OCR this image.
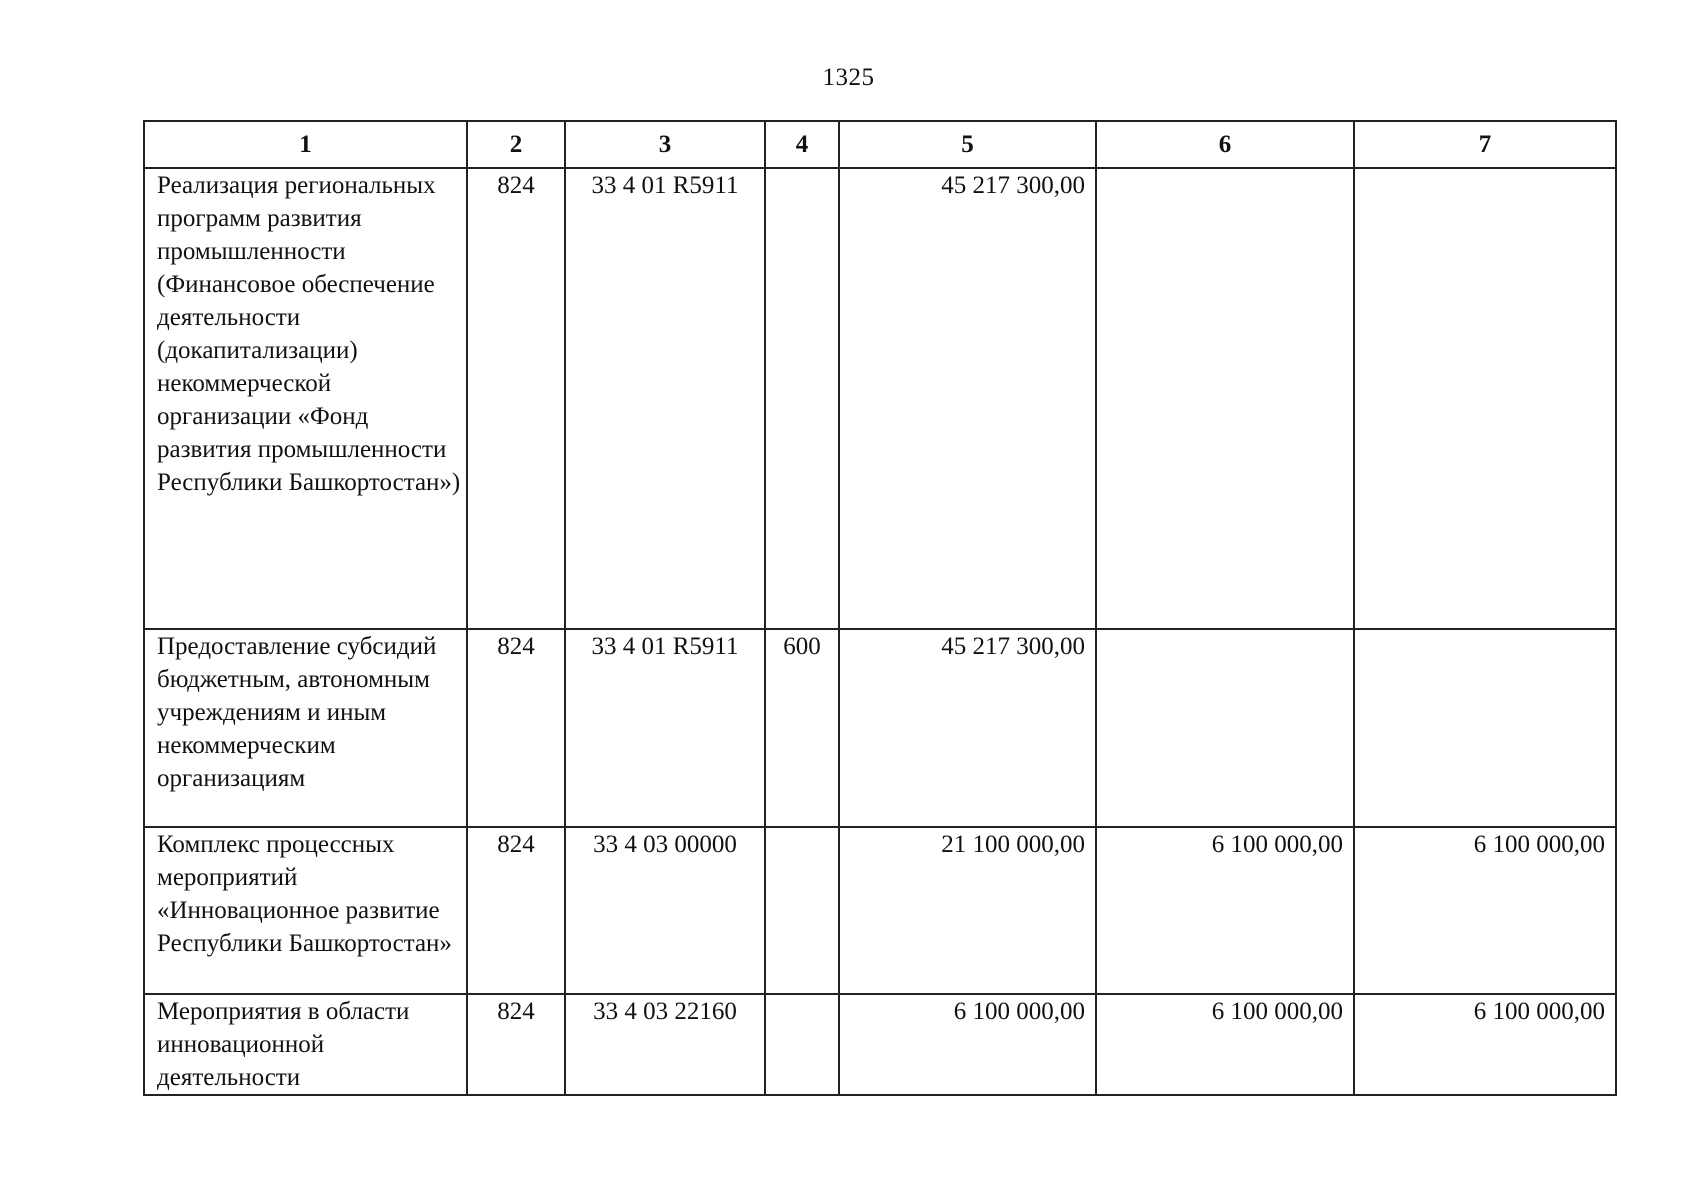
1325
1	2	3	4	5	6	7
Реализация региональных программ развития промышленности (Финансовое обеспечение деятельности (докапитализации) некоммерческой организации «Фонд развития промышленности Республики Башкортостан»)	824	33 4 01 R5911		45 217 300,00		
Предоставление субсидий бюджетным, автономным учреждениям и иным некоммерческим организациям	824	33 4 01 R5911	600	45 217 300,00		
Комплекс процессных мероприятий «Инновационное развитие Республики Башкортостан»	824	33 4 03 00000		21 100 000,00	6 100 000,00	6 100 000,00
Мероприятия в области инновационной деятельности	824	33 4 03 22160		6 100 000,00	6 100 000,00	6 100 000,00
